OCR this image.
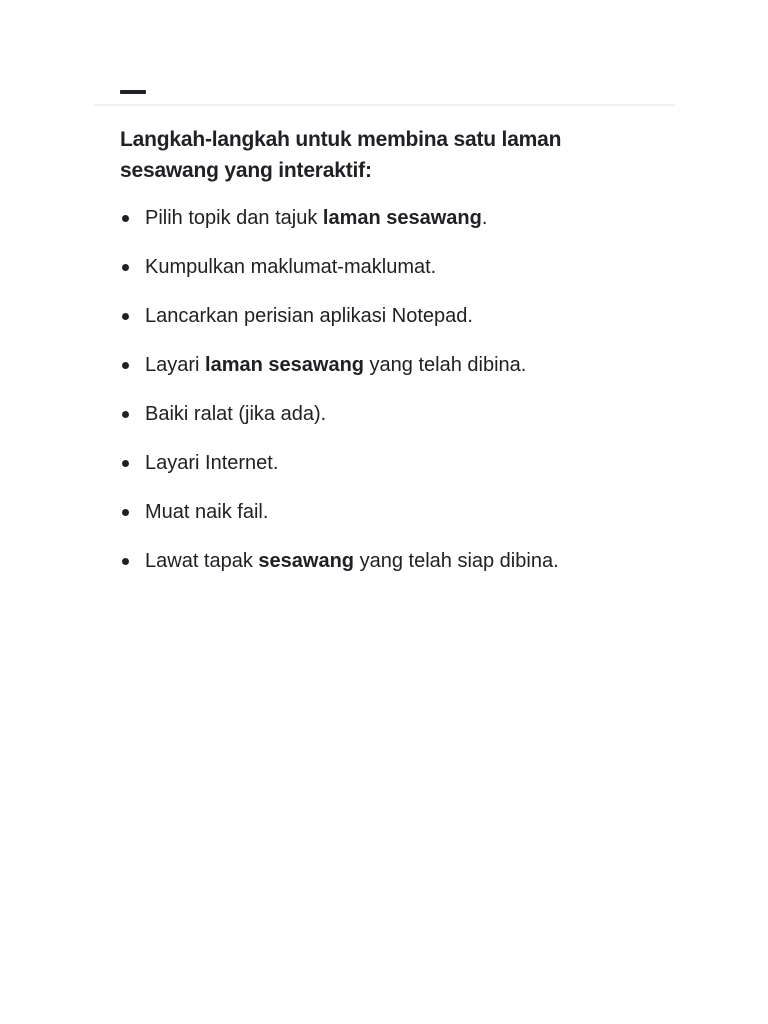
Langkah-langkah untuk membina satu laman
sesawang yang interaktif:
Pilih topik dan tajuk laman sesawang.
Kumpulkan maklumat-maklumat.
Lancarkan perisian aplikasi Notepad.
Layari laman sesawang yang telah dibina.
Baiki ralat (jika ada).
Layari Internet.
Muat naik fail.
Lawat tapak sesawang yang telah siap dibina.
